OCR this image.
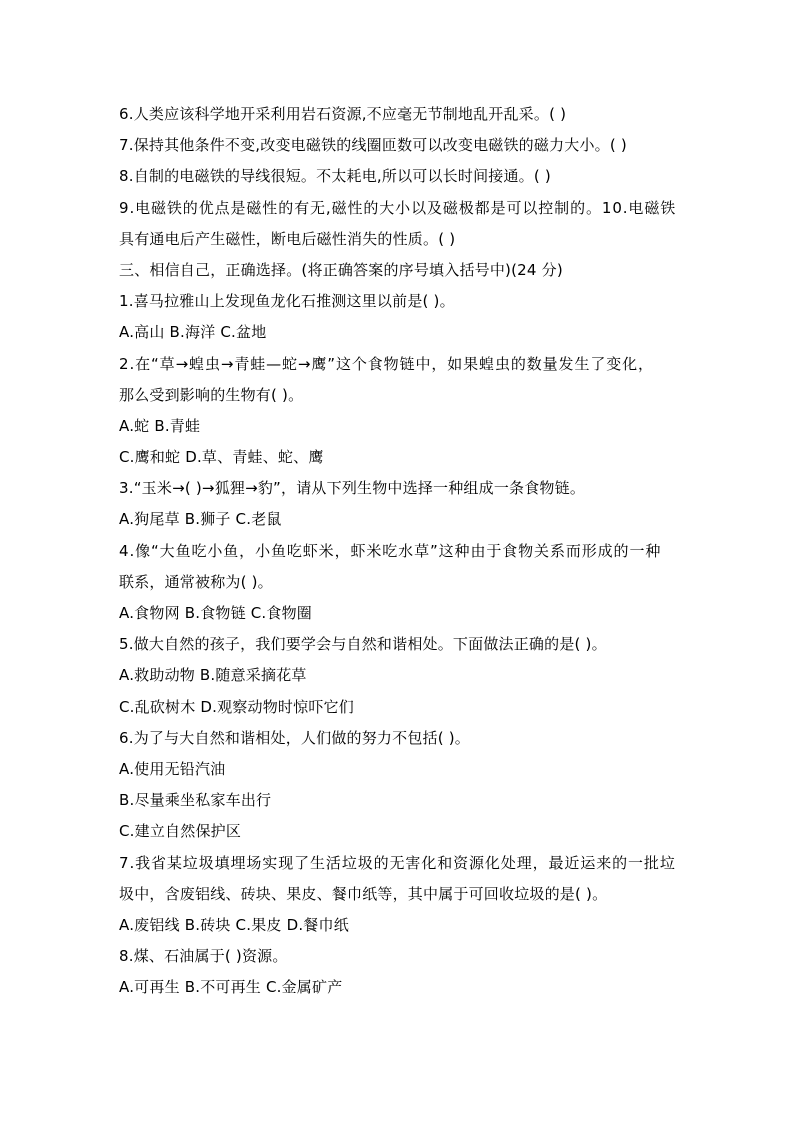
6.人类应该科学地开采利用岩石资源,不应毫无节制地乱开乱采。( )
7.保持其他条件不变,改变电磁铁的线圈匝数可以改变电磁铁的磁力大小。( )
8.自制的电磁铁的导线很短。不太耗电,所以可以长时间接通。( )
9.电磁铁的优点是磁性的有无,磁性的大小以及磁极都是可以控制的。10.电磁铁
具有通电后产生磁性，断电后磁性消失的性质。( )
三、相信自己，正确选择。(将正确答案的序号填入括号中)(24 分)
1.喜马拉雅山上发现鱼龙化石推测这里以前是( )。
A.高山 B.海洋 C.盆地
2.在“草→蝗虫→青蛙—蛇→鹰”这个食物链中，如果蝗虫的数量发生了变化，
那么受到影响的生物有( )。
A.蛇 B.青蛙
C.鹰和蛇 D.草、青蛙、蛇、鹰
3.“玉米→( )→狐狸→豹”，请从下列生物中选择一种组成一条食物链。
A.狗尾草 B.狮子 C.老鼠
4.像“大鱼吃小鱼，小鱼吃虾米，虾米吃水草”这种由于食物关系而形成的一种
联系，通常被称为( )。
A.食物网 B.食物链 C.食物圈
5.做大自然的孩子，我们要学会与自然和谐相处。下面做法正确的是( )。
A.救助动物 B.随意采摘花草
C.乱砍树木 D.观察动物时惊吓它们
6.为了与大自然和谐相处，人们做的努力不包括( )。
A.使用无铅汽油
B.尽量乘坐私家车出行
C.建立自然保护区
7.我省某垃圾填埋场实现了生活垃圾的无害化和资源化处理，最近运来的一批垃
圾中，含废铝线、砖块、果皮、餐巾纸等，其中属于可回收垃圾的是( )。
A.废铝线 B.砖块 C.果皮 D.餐巾纸
8.煤、石油属于( )资源。
A.可再生 B.不可再生 C.金属矿产
